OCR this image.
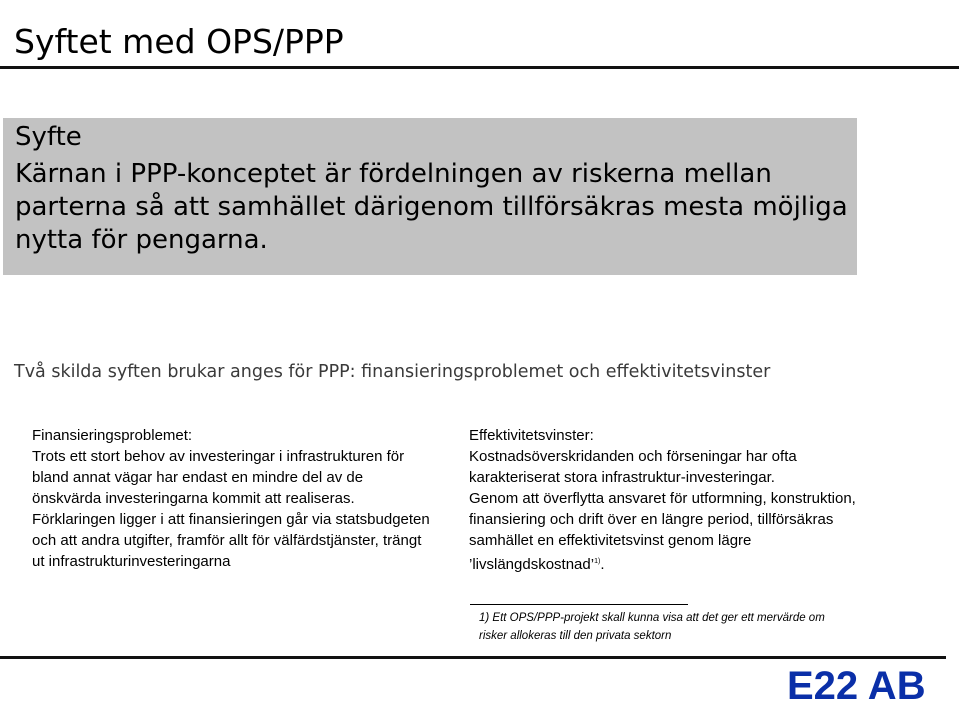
Syftet med OPS/PPP
Syfte
Kärnan i PPP-konceptet är fördelningen av riskerna mellan parterna så att samhället därigenom tillförsäkras mesta möjliga nytta för pengarna.
Två skilda syften brukar anges för PPP: finansieringsproblemet och effektivitetsvinster
Finansieringsproblemet:
Trots ett stort behov av investeringar i infrastrukturen för bland annat vägar har endast en mindre del av de önskvärda investeringarna kommit att realiseras. Förklaringen ligger i att finansieringen går via statsbudgeten och att andra utgifter, framför allt för välfärdstjänster, trängt ut infrastrukturinvesteringarna
Effektivitetsvinster:
Kostnadsöverskridanden och förseningar har ofta karakteriserat stora infrastruktur-investeringar.
Genom att överflytta ansvaret för utformning, konstruktion, finansiering och drift över en längre period, tillförsäkras samhället en effektivitetsvinst genom lägre ’livslängdskostnad’$^{1)}$.
1) Ett OPS/PPP-projekt skall kunna visa att det ger ett mervärde om risker allokeras till den privata sektorn
E22 AB
